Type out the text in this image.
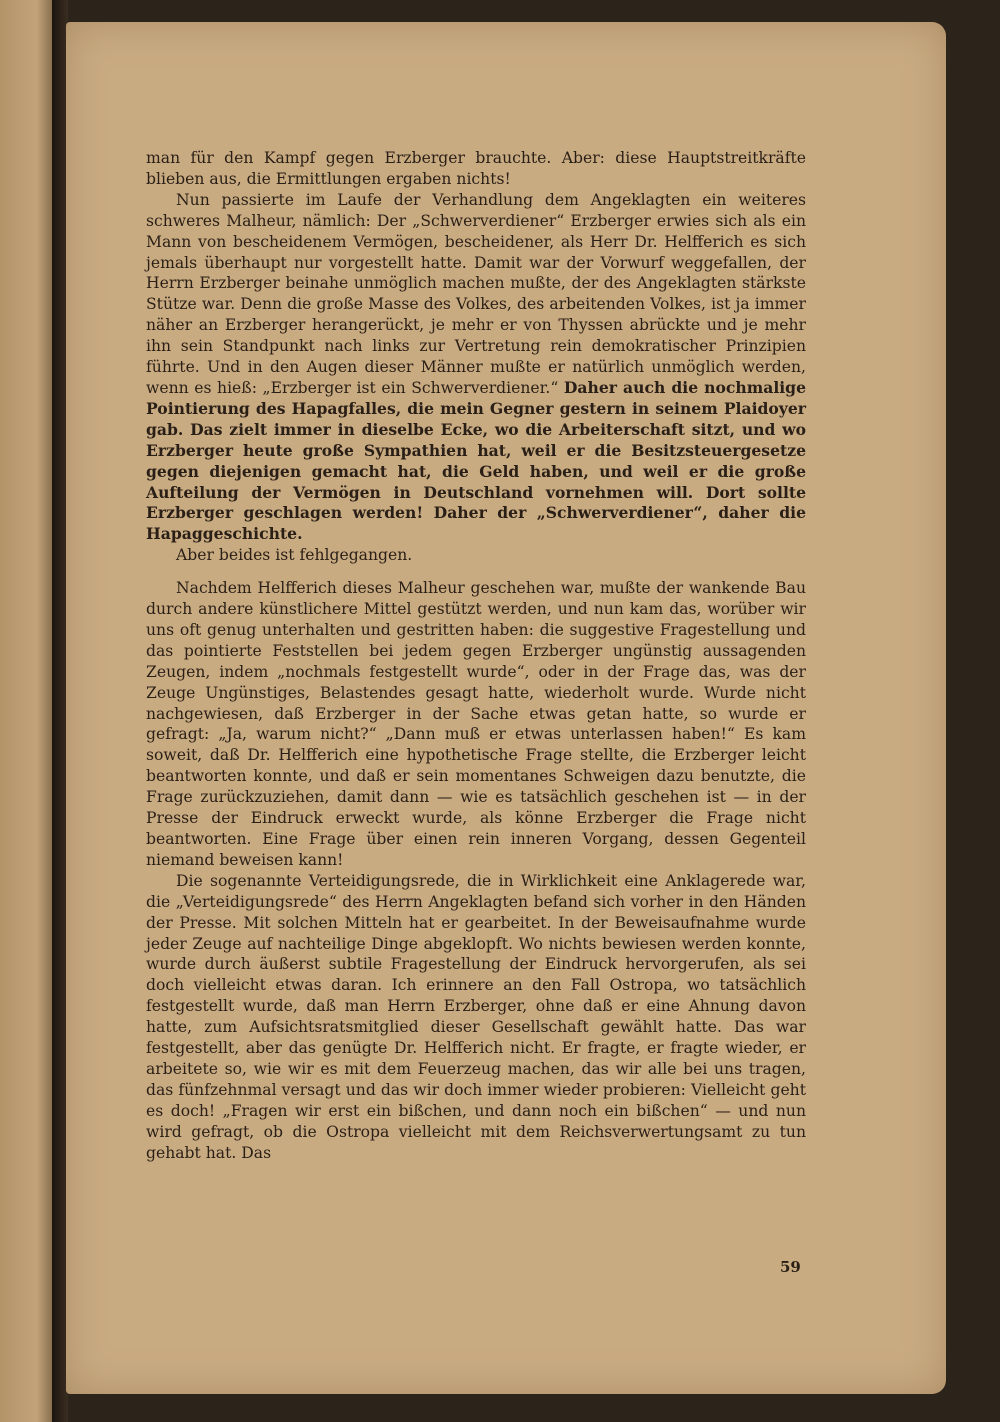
man für den Kampf gegen Erzberger brauchte. Aber: diese Hauptstreitkräfte blieben aus, die Ermittlungen ergaben nichts!

Nun passierte im Laufe der Verhandlung dem Angeklagten ein weiteres schweres Malheur, nämlich: Der „Schwerverdiener“ Erzberger erwies sich als ein Mann von bescheidenem Vermögen, bescheidener, als Herr Dr. Helfferich es sich jemals überhaupt nur vorgestellt hatte. Damit war der Vorwurf weggefallen, der Herrn Erzberger beinahe unmöglich machen mußte, der des Angeklagten stärkste Stütze war. Denn die große Masse des Volkes, des arbeitenden Volkes, ist ja immer näher an Erzberger herangerückt, je mehr er von Thyssen abrückte und je mehr ihn sein Standpunkt nach links zur Vertretung rein demokratischer Prinzipien führte. Und in den Augen dieser Männer mußte er natürlich unmöglich werden, wenn es hieß: „Erzberger ist ein Schwerverdiener.“ Daher auch die nochmalige Pointierung des Hapagfalles, die mein Gegner gestern in seinem Plaidoyer gab. Das zielt immer in dieselbe Ecke, wo die Arbeiterschaft sitzt, und wo Erzberger heute große Sympathien hat, weil er die Besitzsteuergesetze gegen diejenigen gemacht hat, die Geld haben, und weil er die große Aufteilung der Vermögen in Deutschland vornehmen will. Dort sollte Erzberger geschlagen werden! Daher der „Schwerverdiener“, daher die Hapaggeschichte.

Aber beides ist fehlgegangen.

Nachdem Helfferich dieses Malheur geschehen war, mußte der wankende Bau durch andere künstlichere Mittel gestützt werden, und nun kam das, worüber wir uns oft genug unterhalten und gestritten haben: die suggestive Fragestellung und das pointierte Feststellen bei jedem gegen Erzberger ungünstig aussagenden Zeugen, indem „nochmals festgestellt wurde“, oder in der Frage das, was der Zeuge Ungünstiges, Belastendes gesagt hatte, wiederholt wurde. Wurde nicht nachgewiesen, daß Erzberger in der Sache etwas getan hatte, so wurde er gefragt: „Ja, warum nicht?“ „Dann muß er etwas unterlassen haben!“ Es kam soweit, daß Dr. Helfferich eine hypothetische Frage stellte, die Erzberger leicht beantworten konnte, und daß er sein momentanes Schweigen dazu benutzte, die Frage zurückzuziehen, damit dann — wie es tatsächlich geschehen ist — in der Presse der Eindruck erweckt wurde, als könne Erzberger die Frage nicht beantworten. Eine Frage über einen rein inneren Vorgang, dessen Gegenteil niemand beweisen kann!

Die sogenannte Verteidigungsrede, die in Wirklichkeit eine Anklagerede war, die „Verteidigungsrede“ des Herrn Angeklagten befand sich vorher in den Händen der Presse. Mit solchen Mitteln hat er gearbeitet. In der Beweisaufnahme wurde jeder Zeuge auf nachteilige Dinge abgeklopft. Wo nichts bewiesen werden konnte, wurde durch äußerst subtile Fragestellung der Eindruck hervorgerufen, als sei doch vielleicht etwas daran. Ich erinnere an den Fall Ostropa, wo tatsächlich festgestellt wurde, daß man Herrn Erzberger, ohne daß er eine Ahnung davon hatte, zum Aufsichtsratsmitglied dieser Gesellschaft gewählt hatte. Das war festgestellt, aber das genügte Dr. Helfferich nicht. Er fragte, er fragte wieder, er arbeitete so, wie wir es mit dem Feuerzeug machen, das wir alle bei uns tragen, das fünfzehnmal versagt und das wir doch immer wieder probieren: Vielleicht geht es doch! „Fragen wir erst ein bißchen, und dann noch ein bißchen“ — und nun wird gefragt, ob die Ostropa vielleicht mit dem Reichsverwertungsamt zu tun gehabt hat. Das

59
